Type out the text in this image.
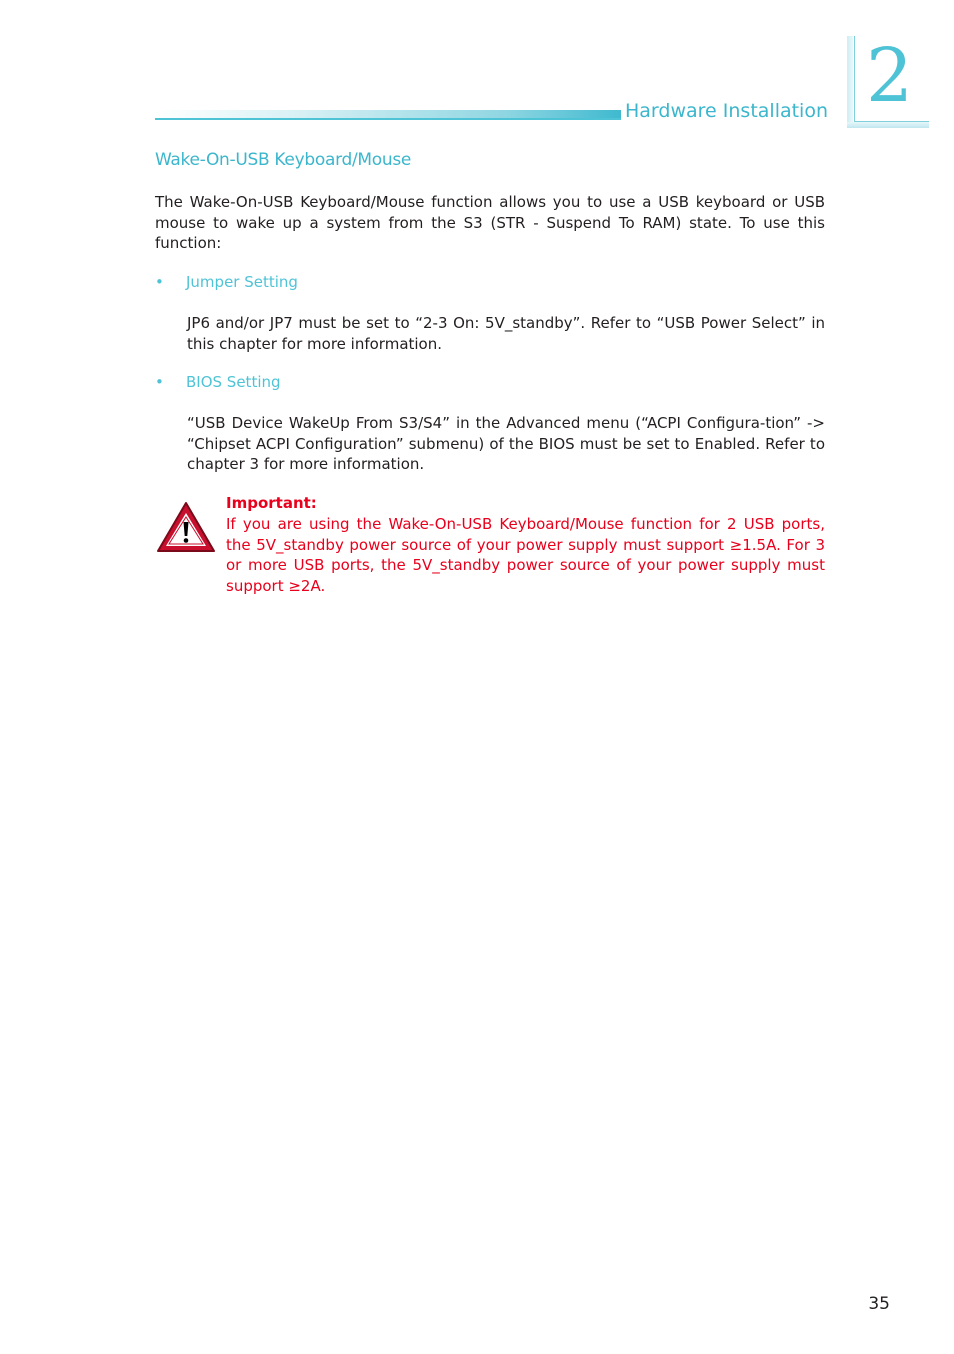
2
Hardware Installation
Wake-On-USB Keyboard/Mouse

The Wake-On-USB Keyboard/Mouse function allows you to use a USB keyboard or USB mouse to wake up a system from the S3 (STR - Suspend To RAM) state. To use this function:

• Jumper Setting

JP6 and/or JP7 must be set to “2-3 On: 5V_standby”. Refer to “USB Power Select” in this chapter for more information.

• BIOS Setting

“USB Device WakeUp From S3/S4” in the Advanced menu (“ACPI Configura-tion” -> “Chipset ACPI Configuration” submenu) of the BIOS must be set to Enabled. Refer to chapter 3 for more information.

Important:

If you are using the Wake-On-USB Keyboard/Mouse function for 2 USB ports, the 5V_standby power source of your power supply must support ≥1.5A. For 3 or more USB ports, the 5V_standby power source of your power supply must support ≥2A.

35
